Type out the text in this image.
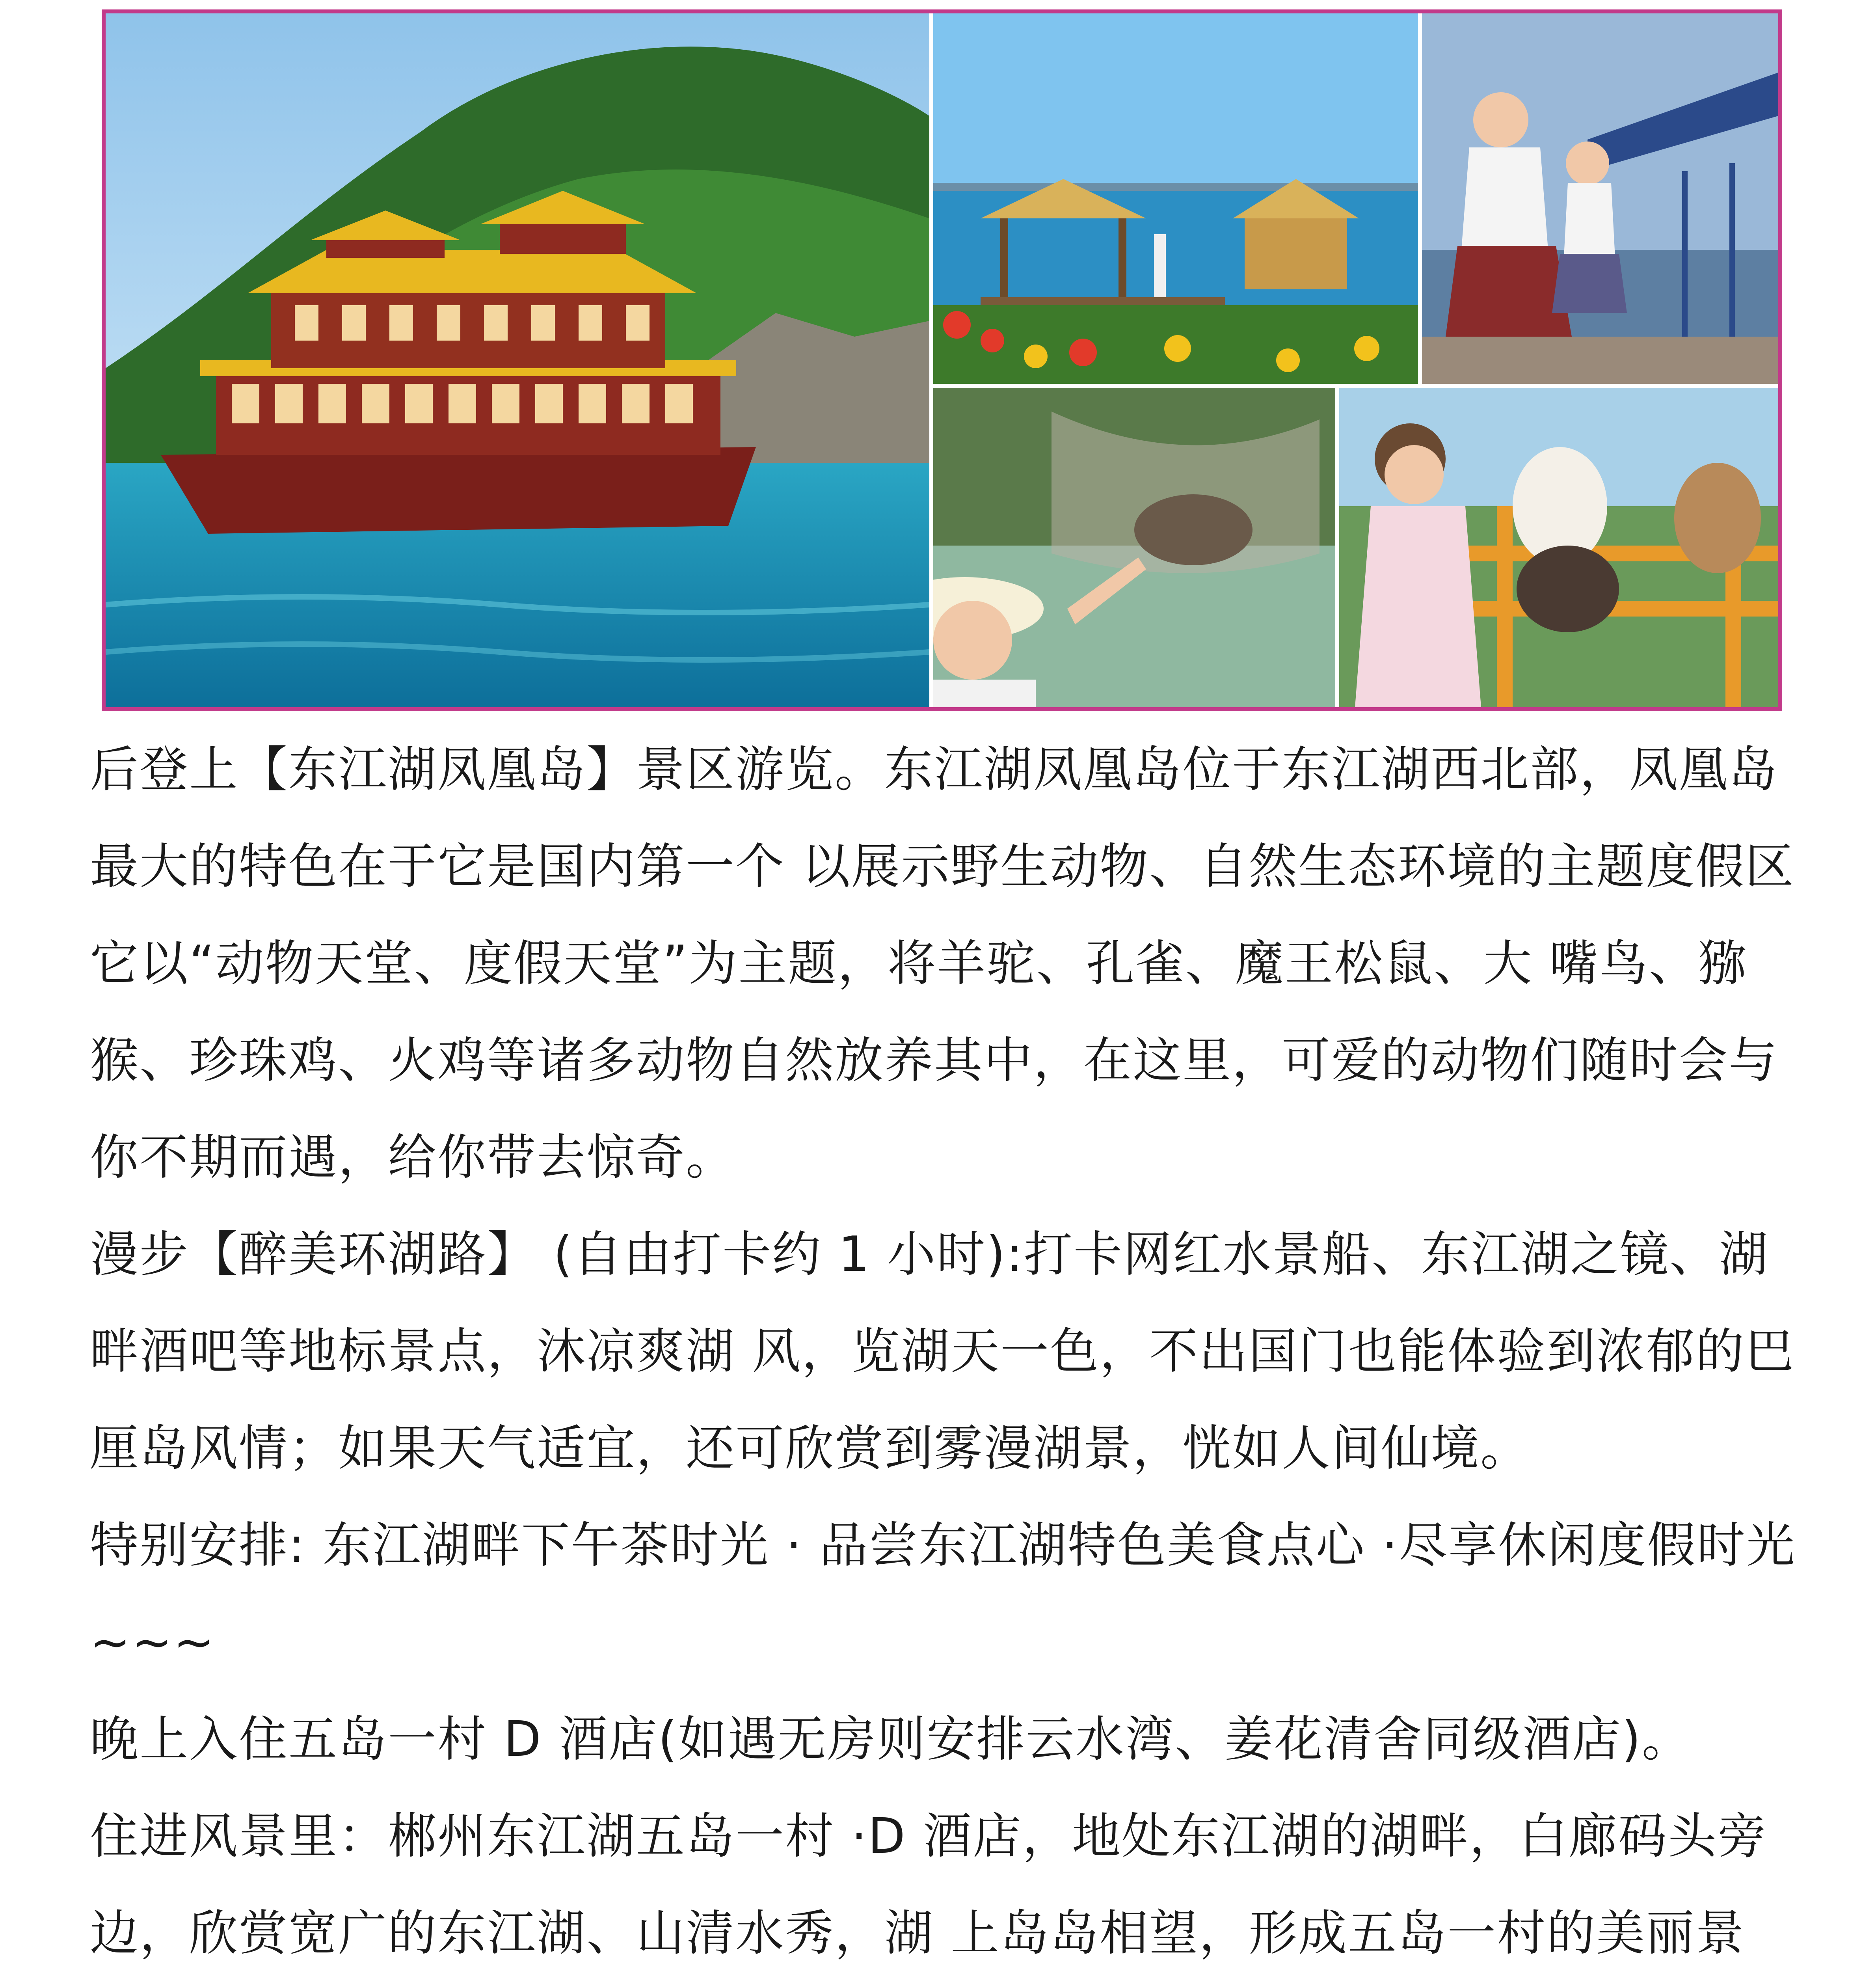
后登上【东江湖凤凰岛】景区游览。东江湖凤凰岛位于东江湖西北部，凤凰岛最大的特色在于它是国内第一个 以展示野生动物、自然生态环境的主题度假区它以“动物天堂、度假天堂”为主题，将羊驼、孔雀、魔王松鼠、大 嘴鸟、猕猴、珍珠鸡、火鸡等诸多动物自然放养其中，在这里，可爱的动物们随时会与你不期而遇，给你带去惊奇。

漫步【醉美环湖路】 (自由打卡约 1 小时):打卡网红水景船、东江湖之镜、湖畔酒吧等地标景点，沐凉爽湖 风，览湖天一色，不出国门也能体验到浓郁的巴厘岛风情；如果天气适宜，还可欣赏到雾漫湖景，恍如人间仙境。

特别安排: 东江湖畔下午茶时光 · 品尝东江湖特色美食点心 ·尽享休闲度假时光~~~

晚上入住五岛一村 D 酒店(如遇无房则安排云水湾、姜花清舍同级酒店)。

住进风景里：郴州东江湖五岛一村 ·D 酒店，地处东江湖的湖畔，白廊码头旁边，欣赏宽广的东江湖、山清水秀，湖 上岛岛相望，形成五岛一村的美丽景
